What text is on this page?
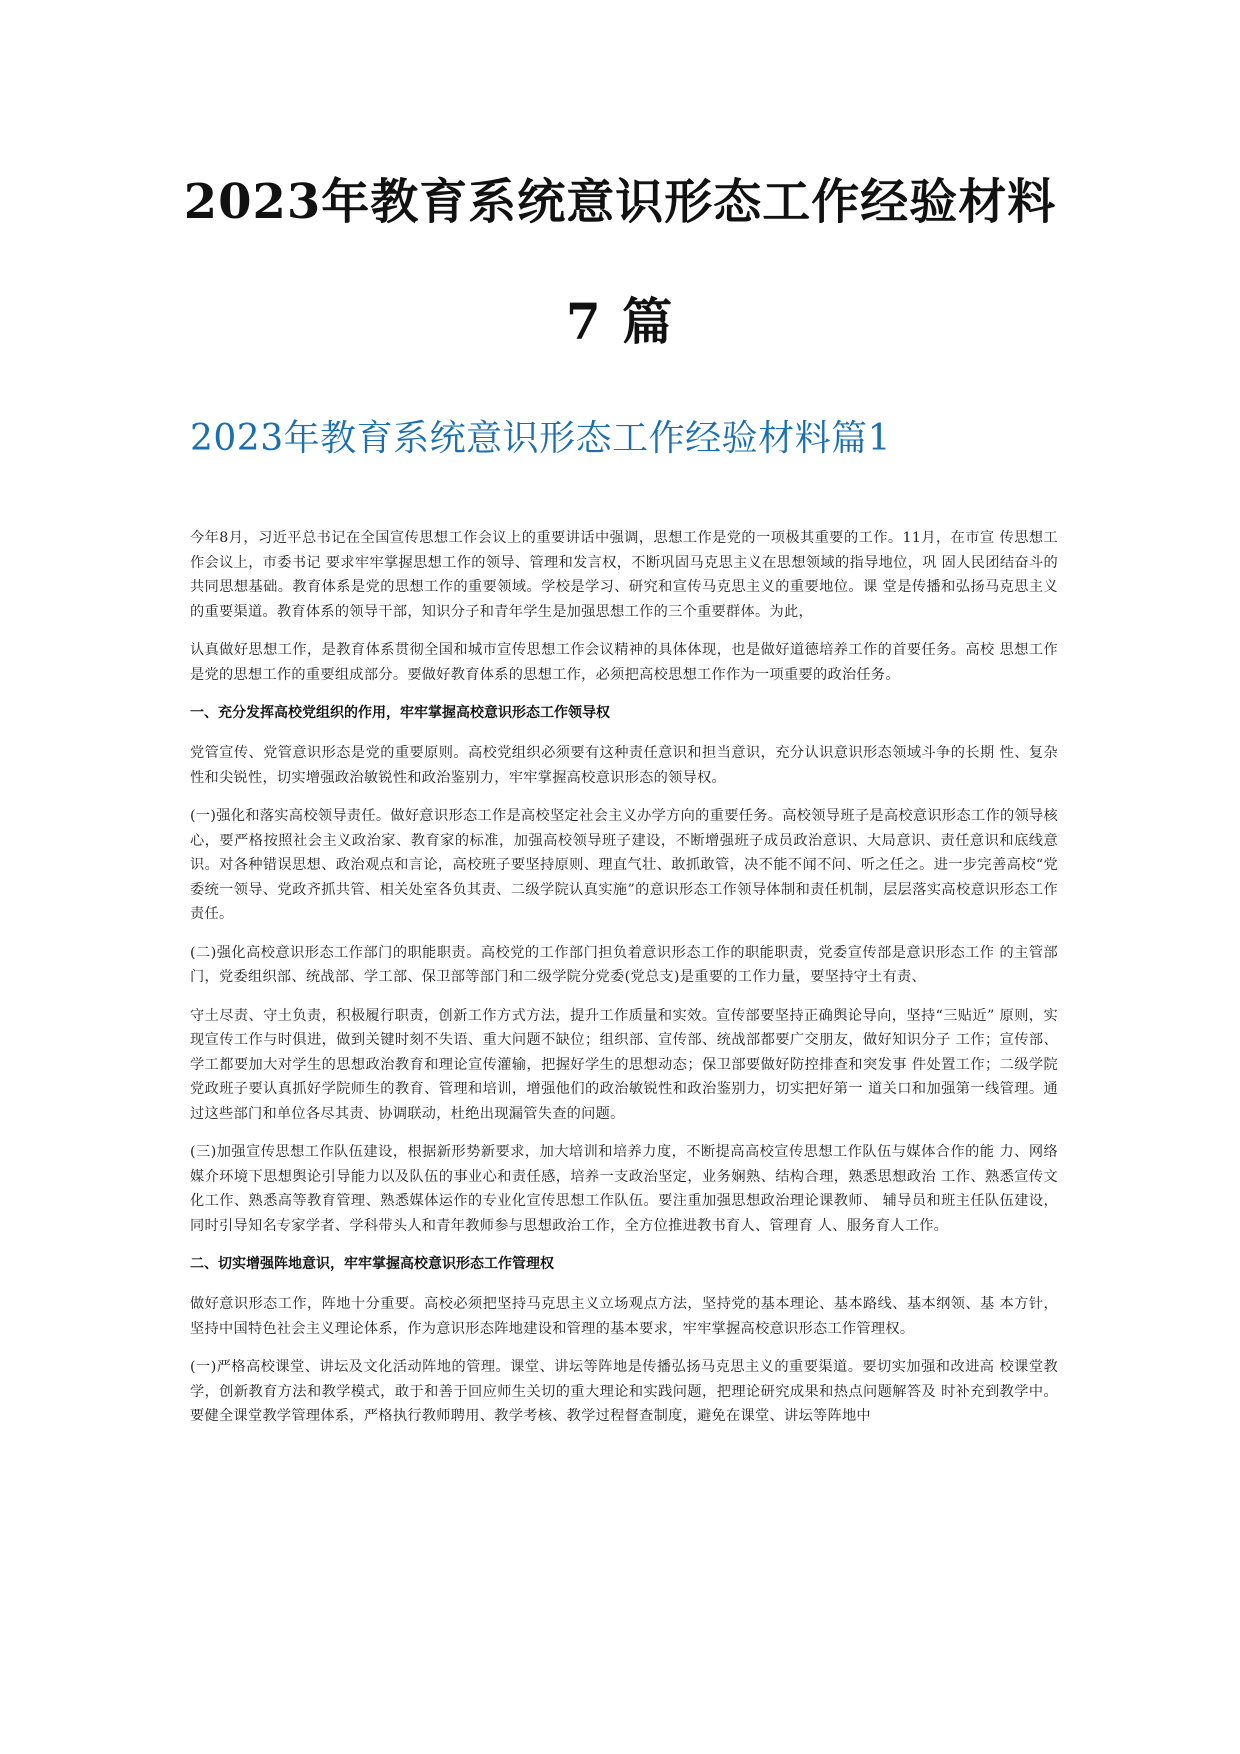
2023年教育系统意识形态工作经验材料
7 篇
2023年教育系统意识形态工作经验材料篇1

今年8月，习近平总书记在全国宣传思想工作会议上的重要讲话中强调，思想工作是党的一项极其重要的工作。11月，在市宣 传思想工作会议上，市委书记 要求牢牢掌握思想工作的领导、管理和发言权，不断巩固马克思主义在思想领域的指导地位，巩 固人民团结奋斗的共同思想基础。教育体系是党的思想工作的重要领域。学校是学习、研究和宣传马克思主义的重要地位。课 堂是传播和弘扬马克思主义的重要渠道。教育体系的领导干部，知识分子和青年学生是加强思想工作的三个重要群体。为此，

认真做好思想工作，是教育体系贯彻全国和城市宣传思想工作会议精神的具体体现，也是做好道德培养工作的首要任务。高校 思想工作是党的思想工作的重要组成部分。要做好教育体系的思想工作，必须把高校思想工作作为一项重要的政治任务。

一、充分发挥高校党组织的作用，牢牢掌握高校意识形态工作领导权

党管宣传、党管意识形态是党的重要原则。高校党组织必须要有这种责任意识和担当意识，充分认识意识形态领域斗争的长期 性、复杂性和尖锐性，切实增强政治敏锐性和政治鉴别力，牢牢掌握高校意识形态的领导权。

(一)强化和落实高校领导责任。做好意识形态工作是高校坚定社会主义办学方向的重要任务。高校领导班子是高校意识形态工作的领导核心，要严格按照社会主义政治家、教育家的标准，加强高校领导班子建设，不断增强班子成员政治意识、大局意识、责任意识和底线意识。对各种错误思想、政治观点和言论，高校班子要坚持原则、理直气壮、敢抓敢管，决不能不闻不问、听之任之。进一步完善高校“党委统一领导、党政齐抓共管、相关处室各负其责、二级学院认真实施”的意识形态工作领导体制和责任机制，层层落实高校意识形态工作责任。

(二)强化高校意识形态工作部门的职能职责。高校党的工作部门担负着意识形态工作的职能职责，党委宣传部是意识形态工作 的主管部门，党委组织部、统战部、学工部、保卫部等部门和二级学院分党委(党总支)是重要的工作力量，要坚持守土有责、

守土尽责、守土负责，积极履行职责，创新工作方式方法，提升工作质量和实效。宣传部要坚持正确舆论导向，坚持“三贴近” 原则，实现宣传工作与时俱进，做到关键时刻不失语、重大问题不缺位；组织部、宣传部、统战部都要广交朋友，做好知识分子 工作；宣传部、学工都要加大对学生的思想政治教育和理论宣传灌输，把握好学生的思想动态；保卫部要做好防控排查和突发事 件处置工作；二级学院党政班子要认真抓好学院师生的教育、管理和培训，增强他们的政治敏锐性和政治鉴别力，切实把好第一 道关口和加强第一线管理。通过这些部门和单位各尽其责、协调联动，杜绝出现漏管失查的问题。

(三)加强宣传思想工作队伍建设，根据新形势新要求，加大培训和培养力度，不断提高高校宣传思想工作队伍与媒体合作的能 力、网络媒介环境下思想舆论引导能力以及队伍的事业心和责任感，培养一支政治坚定，业务娴熟、结构合理，熟悉思想政治 工作、熟悉宣传文化工作、熟悉高等教育管理、熟悉媒体运作的专业化宣传思想工作队伍。要注重加强思想政治理论课教师、 辅导员和班主任队伍建设，同时引导知名专家学者、学科带头人和青年教师参与思想政治工作，全方位推进教书育人、管理育 人、服务育人工作。

二、切实增强阵地意识，牢牢掌握高校意识形态工作管理权

做好意识形态工作，阵地十分重要。高校必须把坚持马克思主义立场观点方法，坚持党的基本理论、基本路线、基本纲领、基 本方针，坚持中国特色社会主义理论体系，作为意识形态阵地建设和管理的基本要求，牢牢掌握高校意识形态工作管理权。

(一)严格高校课堂、讲坛及文化活动阵地的管理。课堂、讲坛等阵地是传播弘扬马克思主义的重要渠道。要切实加强和改进高 校课堂教学，创新教育方法和教学模式，敢于和善于回应师生关切的重大理论和实践问题，把理论研究成果和热点问题解答及 时补充到教学中。要健全课堂教学管理体系，严格执行教师聘用、教学考核、教学过程督查制度，避免在课堂、讲坛等阵地中
